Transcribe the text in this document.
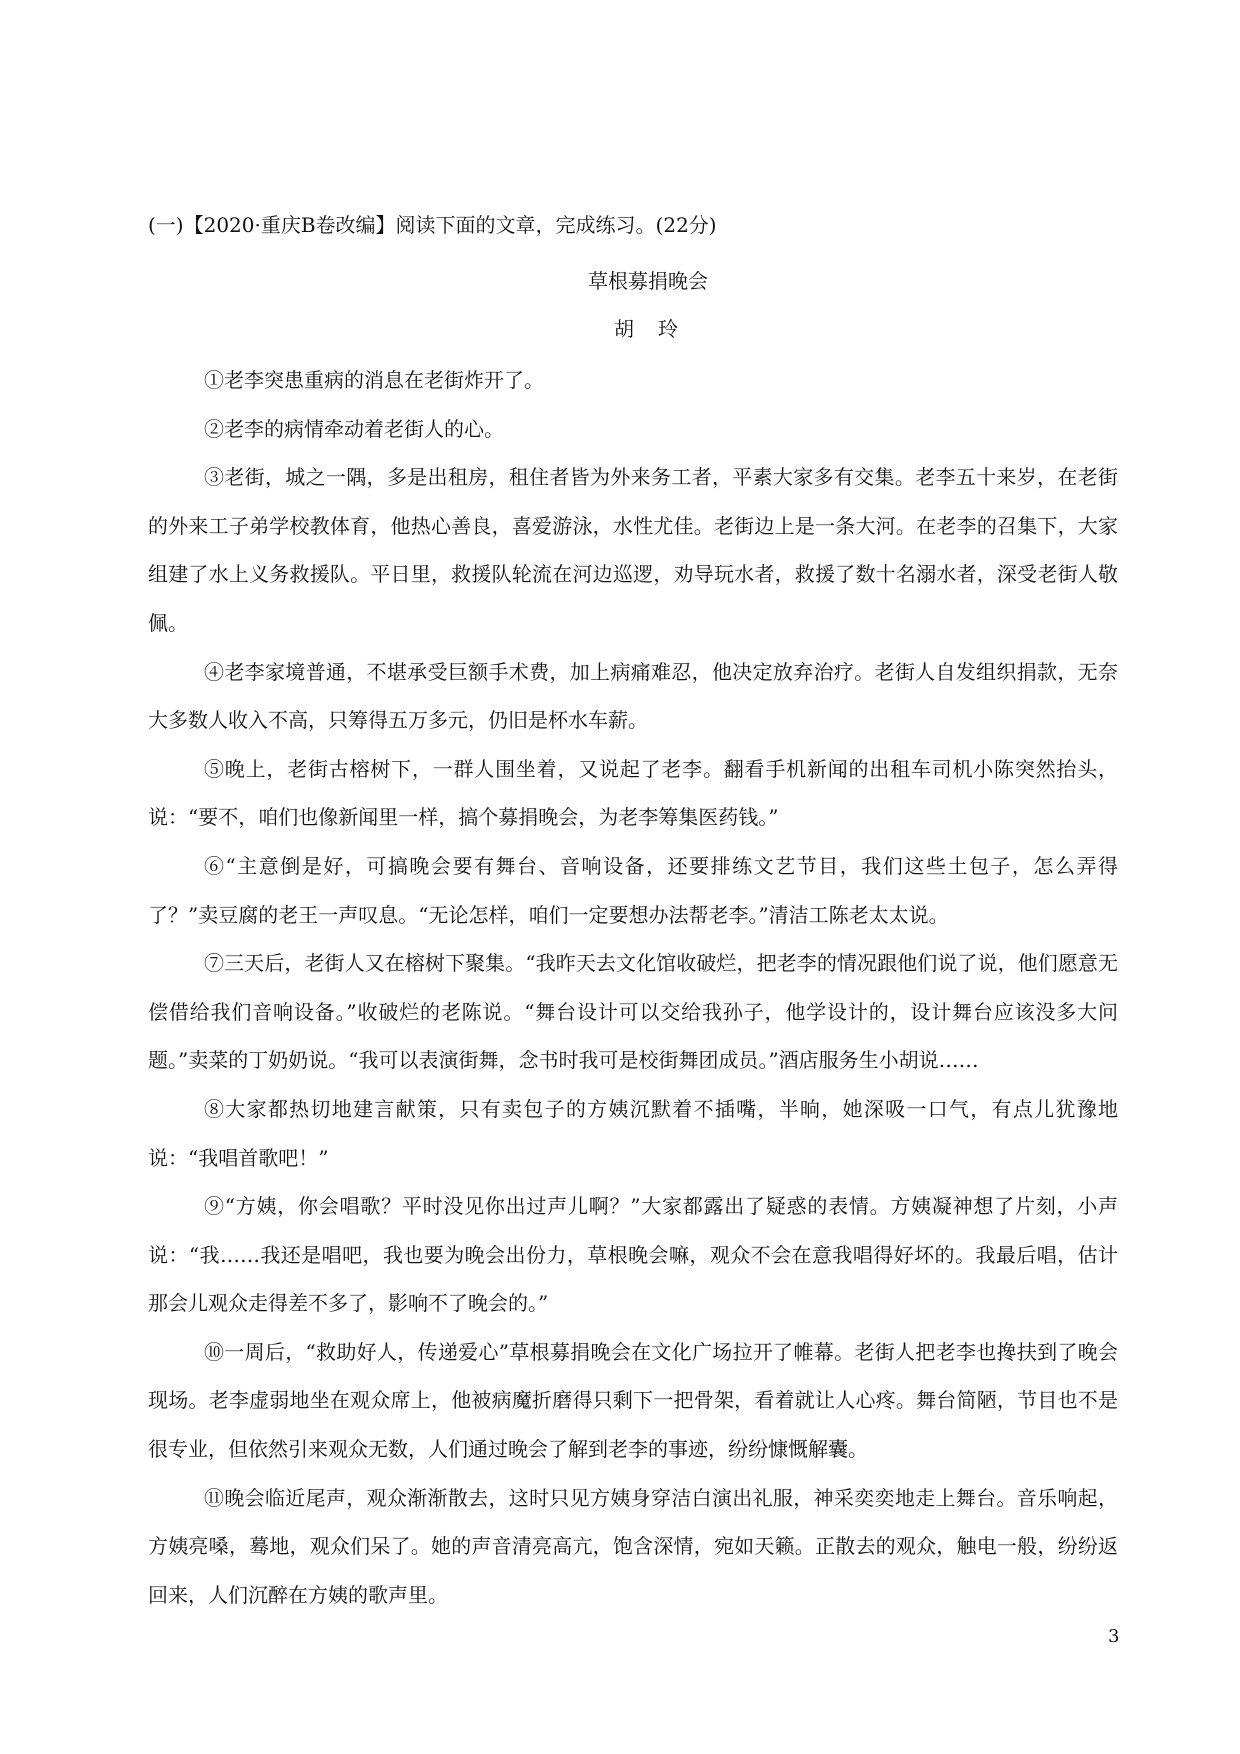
(一)【2020·重庆B卷改编】阅读下面的文章，完成练习。(22分)

草根募捐晚会

胡玲

①老李突患重病的消息在老街炸开了。

②老李的病情牵动着老街人的心。

③老街，城之一隅，多是出租房，租住者皆为外来务工者，平素大家多有交集。老李五十来岁，在老街的外来工子弟学校教体育，他热心善良，喜爱游泳，水性尤佳。老街边上是一条大河。在老李的召集下，大家组建了水上义务救援队。平日里，救援队轮流在河边巡逻，劝导玩水者，救援了数十名溺水者，深受老街人敬佩。

④老李家境普通，不堪承受巨额手术费，加上病痛难忍，他决定放弃治疗。老街人自发组织捐款，无奈大多数人收入不高，只筹得五万多元，仍旧是杯水车薪。

⑤晚上，老街古榕树下，一群人围坐着，又说起了老李。翻看手机新闻的出租车司机小陈突然抬头，说：“要不，咱们也像新闻里一样，搞个募捐晚会，为老李筹集医药钱。”

⑥“主意倒是好，可搞晚会要有舞台、音响设备，还要排练文艺节目，我们这些土包子，怎么弄得了？”卖豆腐的老王一声叹息。“无论怎样，咱们一定要想办法帮老李。”清洁工陈老太太说。

⑦三天后，老街人又在榕树下聚集。“我昨天去文化馆收破烂，把老李的情况跟他们说了说，他们愿意无偿借给我们音响设备。”收破烂的老陈说。“舞台设计可以交给我孙子，他学设计的，设计舞台应该没多大问题。”卖菜的丁奶奶说。“我可以表演街舞，念书时我可是校街舞团成员。”酒店服务生小胡说……

⑧大家都热切地建言献策，只有卖包子的方姨沉默着不插嘴，半晌，她深吸一口气，有点儿犹豫地说：“我唱首歌吧！”

⑨“方姨，你会唱歌？平时没见你出过声儿啊？”大家都露出了疑惑的表情。方姨凝神想了片刻，小声说：“我……我还是唱吧，我也要为晚会出份力，草根晚会嘛，观众不会在意我唱得好坏的。我最后唱，估计那会儿观众走得差不多了，影响不了晚会的。”

⑩一周后，“救助好人，传递爱心”草根募捐晚会在文化广场拉开了帷幕。老街人把老李也搀扶到了晚会现场。老李虚弱地坐在观众席上，他被病魔折磨得只剩下一把骨架，看着就让人心疼。舞台简陋，节目也不是很专业，但依然引来观众无数，人们通过晚会了解到老李的事迹，纷纷慷慨解囊。

⑪晚会临近尾声，观众渐渐散去，这时只见方姨身穿洁白演出礼服，神采奕奕地走上舞台。音乐响起，方姨亮嗓，蓦地，观众们呆了。她的声音清亮高亢，饱含深情，宛如天籁。正散去的观众，触电一般，纷纷返回来，人们沉醉在方姨的歌声里。

3
